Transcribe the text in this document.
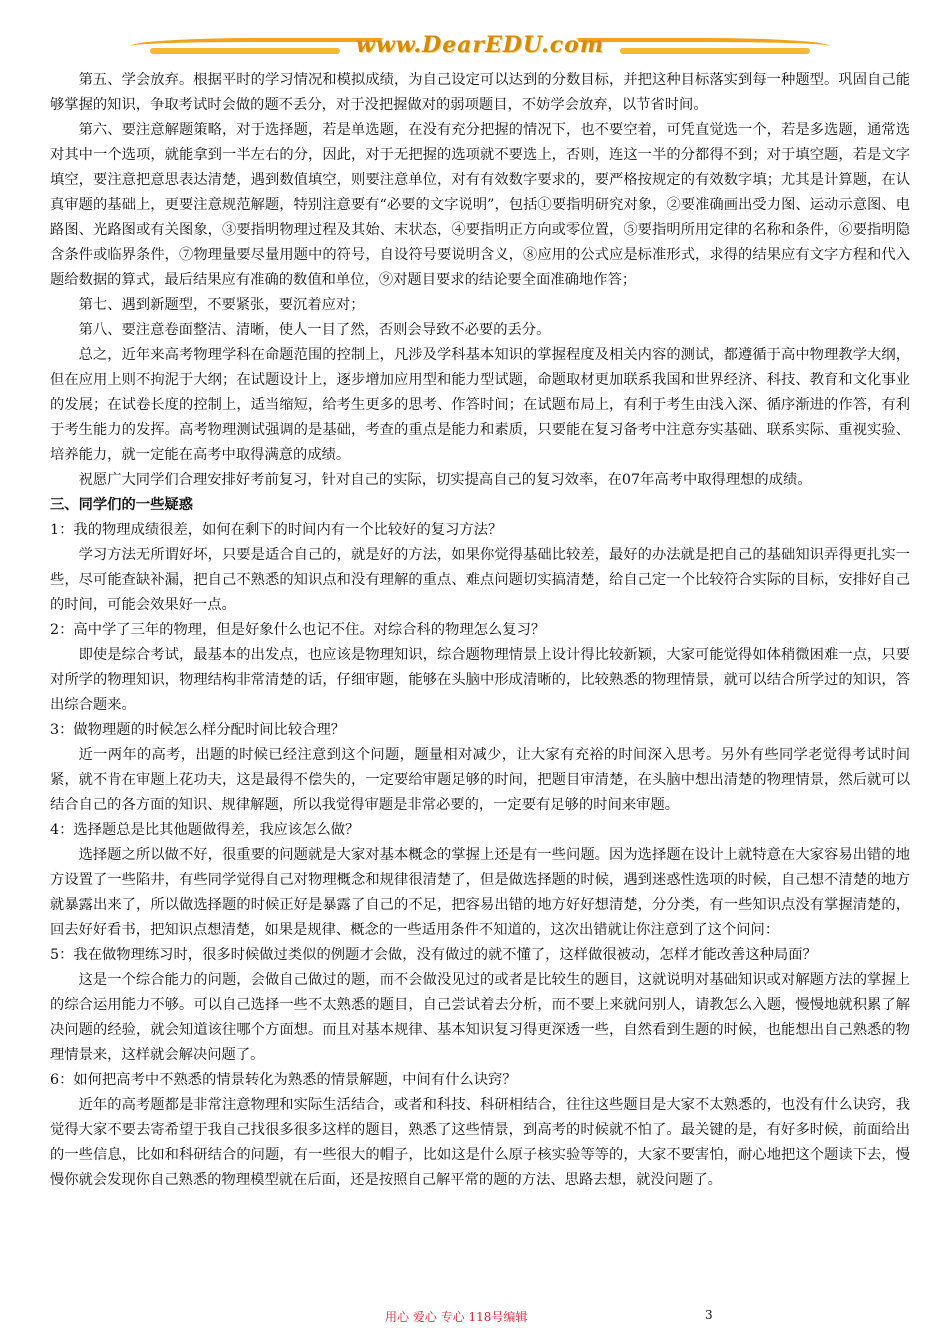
www.DearEDU.com

第五、学会放弃。根据平时的学习情况和模拟成绩，为自己设定可以达到的分数目标，并把这种目标落实到每一种题型。巩固自己能够掌握的知识，争取考试时会做的题不丢分，对于没把握做对的弱项题目，不妨学会放弃，以节省时间。

第六、要注意解题策略，对于选择题，若是单选题，在没有充分把握的情况下，也不要空着，可凭直觉选一个，若是多选题，通常选对其中一个选项，就能拿到一半左右的分，因此，对于无把握的选项就不要选上，否则，连这一半的分都得不到；对于填空题，若是文字填空，要注意把意思表达清楚，遇到数值填空，则要注意单位，对有有效数字要求的，要严格按规定的有效数字填；尤其是计算题，在认真审题的基础上，更要注意规范解题，特别注意要有“必要的文字说明”，包括①要指明研究对象，②要准确画出受力图、运动示意图、电路图、光路图或有关图象，③要指明物理过程及其始、末状态，④要指明正方向或零位置，⑤要指明所用定律的名称和条件，⑥要指明隐含条件或临界条件，⑦物理量要尽量用题中的符号，自设符号要说明含义，⑧应用的公式应是标准形式，求得的结果应有文字方程和代入题给数据的算式，最后结果应有准确的数值和单位，⑨对题目要求的结论要全面准确地作答；

第七、遇到新题型，不要紧张，要沉着应对；

第八、要注意卷面整洁、清晰，使人一目了然，否则会导致不必要的丢分。

总之，近年来高考物理学科在命题范围的控制上，凡涉及学科基本知识的掌握程度及相关内容的测试，都遵循于高中物理教学大纲，但在应用上则不拘泥于大纲；在试题设计上，逐步增加应用型和能力型试题，命题取材更加联系我国和世界经济、科技、教育和文化事业的发展；在试卷长度的控制上，适当缩短，给考生更多的思考、作答时间；在试题布局上，有利于考生由浅入深、循序渐进的作答，有利于考生能力的发挥。高考物理测试强调的是基础，考查的重点是能力和素质，只要能在复习备考中注意夯实基础、联系实际、重视实验、培养能力，就一定能在高考中取得满意的成绩。

祝愿广大同学们合理安排好考前复习，针对自己的实际，切实提高自己的复习效率，在07年高考中取得理想的成绩。

三、同学们的一些疑惑

1：我的物理成绩很差，如何在剩下的时间内有一个比较好的复习方法？

学习方法无所谓好坏，只要是适合自己的，就是好的方法，如果你觉得基础比较差，最好的办法就是把自己的基础知识弄得更扎实一些，尽可能查缺补漏，把自己不熟悉的知识点和没有理解的重点、难点问题切实搞清楚，给自己定一个比较符合实际的目标，安排好自己的时间，可能会效果好一点。

2：高中学了三年的物理，但是好象什么也记不住。对综合科的物理怎么复习？

即使是综合考试，最基本的出发点，也应该是物理知识，综合题物理情景上设计得比较新颖，大家可能觉得如体稍微困难一点，只要对所学的物理知识，物理结构非常清楚的话，仔细审题，能够在头脑中形成清晰的，比较熟悉的物理情景，就可以结合所学过的知识，答出综合题来。

3：做物理题的时候怎么样分配时间比较合理？

近一两年的高考，出题的时候已经注意到这个问题，题量相对减少，让大家有充裕的时间深入思考。另外有些同学老觉得考试时间紧，就不肯在审题上花功夫，这是最得不偿失的，一定要给审题足够的时间，把题目审清楚，在头脑中想出清楚的物理情景，然后就可以结合自己的各方面的知识、规律解题，所以我觉得审题是非常必要的，一定要有足够的时间来审题。

4：选择题总是比其他题做得差，我应该怎么做？

选择题之所以做不好，很重要的问题就是大家对基本概念的掌握上还是有一些问题。因为选择题在设计上就特意在大家容易出错的地方设置了一些陷井，有些同学觉得自己对物理概念和规律很清楚了，但是做选择题的时候，遇到迷惑性选项的时候，自己想不清楚的地方就暴露出来了，所以做选择题的时候正好是暴露了自己的不足，把容易出错的地方好好想清楚，分分类，有一些知识点没有掌握清楚的，回去好好看书，把知识点想清楚，如果是规律、概念的一些适用条件不知道的，这次出错就让你注意到了这个问问：

5：我在做物理练习时，很多时候做过类似的例题才会做，没有做过的就不懂了，这样做很被动，怎样才能改善这种局面？

这是一个综合能力的问题，会做自己做过的题，而不会做没见过的或者是比较生的题目，这就说明对基础知识或对解题方法的掌握上的综合运用能力不够。可以自己选择一些不太熟悉的题目，自己尝试着去分析，而不要上来就问别人，请教怎么入题，慢慢地就积累了解决问题的经验，就会知道该往哪个方面想。而且对基本规律、基本知识复习得更深透一些，自然看到生题的时候，也能想出自己熟悉的物理情景来，这样就会解决问题了。

6：如何把高考中不熟悉的情景转化为熟悉的情景解题，中间有什么诀窍？

近年的高考题都是非常注意物理和实际生活结合，或者和科技、科研相结合，往往这些题目是大家不太熟悉的，也没有什么诀窍，我觉得大家不要去寄希望于我自己找很多很多这样的题目，熟悉了这些情景，到高考的时候就不怕了。最关键的是，有好多时候，前面给出的一些信息，比如和科研结合的问题，有一些很大的帽子，比如这是什么原子核实验等等的，大家不要害怕，耐心地把这个题读下去，慢慢你就会发现你自己熟悉的物理模型就在后面，还是按照自己解平常的题的方法、思路去想，就没问题了。

用心 爱心 专心 118号编辑	3
